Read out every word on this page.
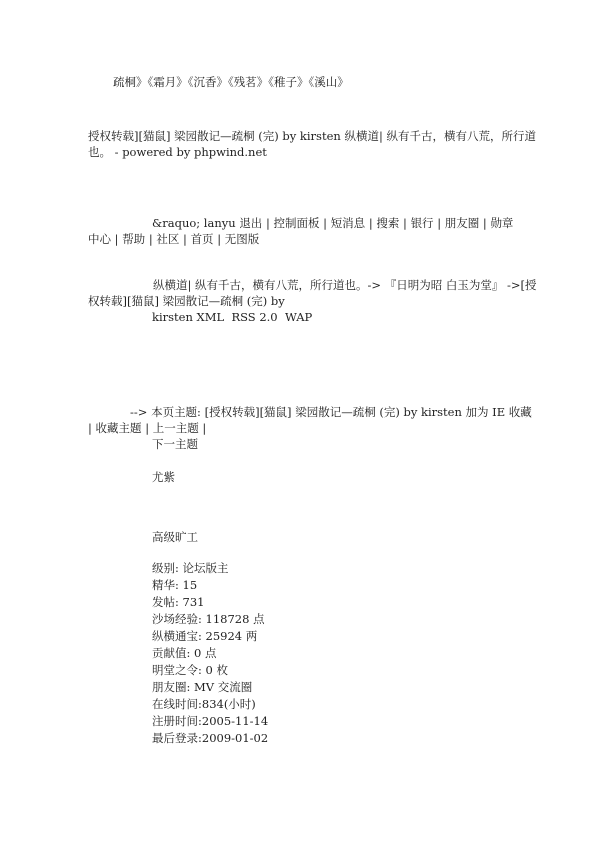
疏桐》《霜月》《沉香》《残茗》《稚子》《溪山》
授权转载][猫鼠] 梁园散记—疏桐 (完) by kirsten 纵横道| 纵有千古，横有八荒，所行道
也。 - powered by phpwind.net
&raquo; lanyu 退出 | 控制面板 | 短消息 | 搜索 | 银行 | 朋友圈 | 勋章
中心 | 帮助 | 社区 | 首页 | 无图版
纵横道| 纵有千古，横有八荒，所行道也。-> 『日明为昭 白玉为堂』 ->[授
权转载][猫鼠] 梁园散记—疏桐 (完) by
kirsten XML RSS 2.0 WAP
--> 本页主题: [授权转载][猫鼠] 梁园散记—疏桐 (完) by kirsten 加为 IE 收藏
| 收藏主题 | 上一主题 |
下一主题
尤紫
高级旷工
级别: 论坛版主
精华: 15
发帖: 731
沙场经验: 118728 点
纵横通宝: 25924 两
贡献值: 0 点
明堂之令: 0 枚
朋友圈: MV 交流圈
在线时间:834(小时)
注册时间:2005-11-14
最后登录:2009-01-02
